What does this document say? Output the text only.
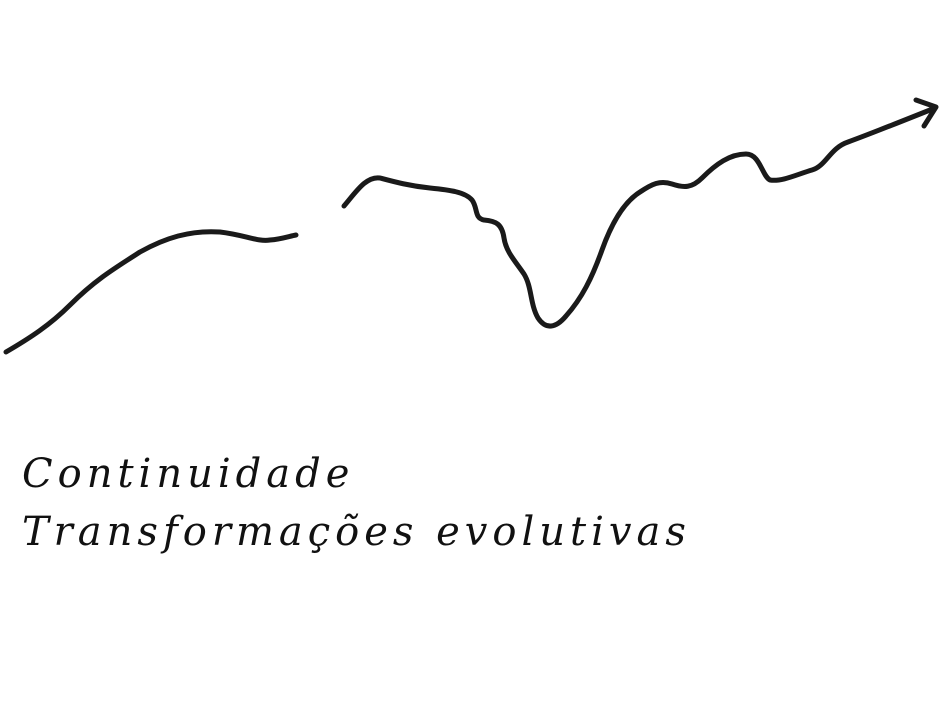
Continuidade
Transformações evolutivas
